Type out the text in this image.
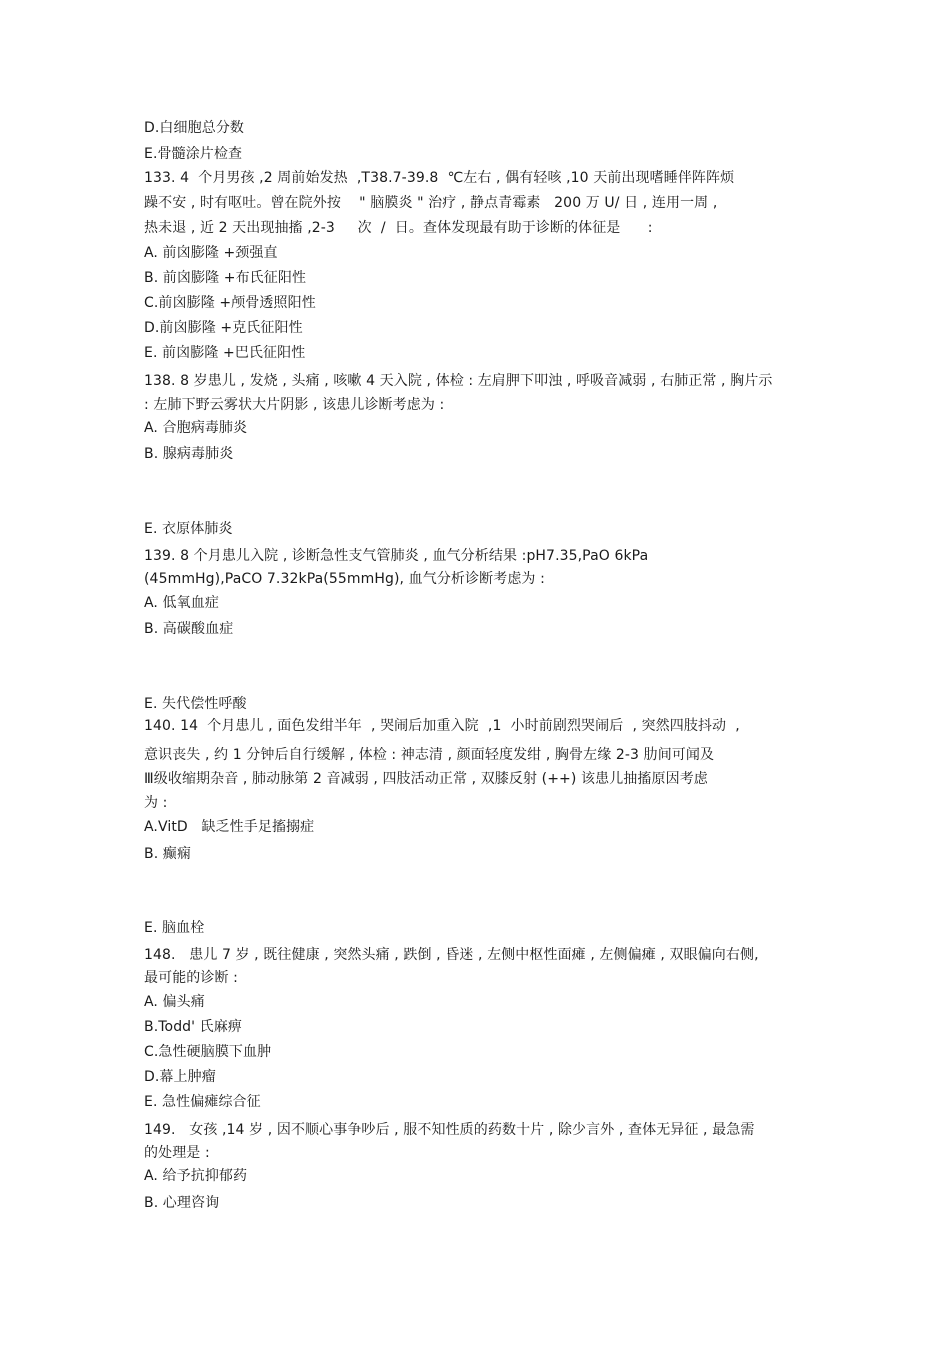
D.白细胞总分数
E.骨髓涂片检查
133. 4  个月男孩 ,2 周前始发热  ,T38.7-39.8  ℃左右 , 偶有轻咳 ,10 天前出现嗜睡伴阵阵烦
躁不安 , 时有呕吐。曾在院外按    " 脑膜炎 " 治疗 , 静点青霉素   200 万 U/ 日 , 连用一周 ,
热未退 , 近 2 天出现抽搐 ,2-3     次  /  日。查体发现最有助于诊断的体征是      :
A. 前囟膨隆 +颈强直
B. 前囟膨隆 +布氏征阳性
C.前囟膨隆 +颅骨透照阳性
D.前囟膨隆 +克氏征阳性
E. 前囟膨隆 +巴氏征阳性
138. 8 岁患儿 , 发烧 , 头痛 , 咳嗽 4 天入院 , 体检 : 左肩胛下叩浊 , 呼吸音减弱 , 右肺正常 , 胸片示
: 左肺下野云雾状大片阴影 , 该患儿诊断考虑为 :
A. 合胞病毒肺炎
B. 腺病毒肺炎
E. 衣原体肺炎
139. 8 个月患儿入院 , 诊断急性支气管肺炎 , 血气分析结果 :pH7.35,PaO 6kPa
(45mmHg),PaCO 7.32kPa(55mmHg), 血气分析诊断考虑为 :
A. 低氧血症
B. 高碳酸血症
E. 失代偿性呼酸
140. 14  个月患儿 , 面色发绀半年  , 哭闹后加重入院  ,1  小时前剧烈哭闹后  , 突然四肢抖动  ,
意识丧失 , 约 1 分钟后自行缓解 , 体检 : 神志清 , 颜面轻度发绀 , 胸骨左缘 2-3 肋间可闻及
Ⅲ级收缩期杂音 , 肺动脉第 2 音减弱 , 四肢活动正常 , 双膝反射 (++) 该患儿抽搐原因考虑
为 :
A.VitD   缺乏性手足搐搦症
B. 癫痫
E. 脑血栓
148.   患儿 7 岁 , 既往健康 , 突然头痛 , 跌倒 , 昏迷 , 左侧中枢性面瘫 , 左侧偏瘫 , 双眼偏向右侧,
最可能的诊断 :
A. 偏头痛
B.Todd' 氏麻痹
C.急性硬脑膜下血肿
D.幕上肿瘤
E. 急性偏瘫综合征
149.   女孩 ,14 岁 , 因不顺心事争吵后 , 服不知性质的药数十片 , 除少言外 , 查体无异征 , 最急需
的处理是 :
A. 给予抗抑郁药
B. 心理咨询
